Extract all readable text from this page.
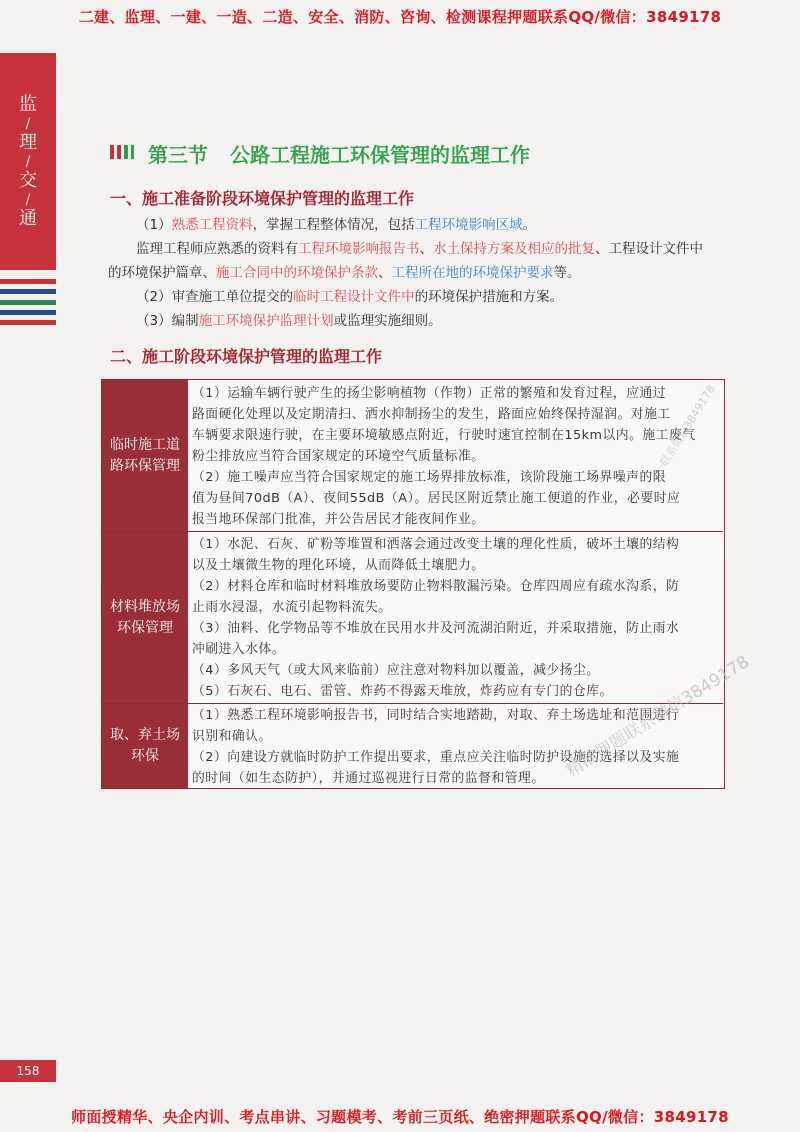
二建、监理、一建、一造、二造、安全、消防、咨询、检测课程押题联系QQ/微信：3849178
监
/
理
/
交
/
通
第三节 公路工程施工环保管理的监理工作
一、施工准备阶段环境保护管理的监理工作
（1）熟悉工程资料，掌握工程整体情况，包括工程环境影响区域。
监理工程师应熟悉的资料有工程环境影响报告书、水土保持方案及相应的批复、工程设计文件中
的环境保护篇章、施工合同中的环境保护条款、工程所在地的环境保护要求等。
（2）审查施工单位提交的临时工程设计文件中的环境保护措施和方案。
（3）编制施工环境保护监理计划或监理实施细则。
二、施工阶段环境保护管理的监理工作
临时施工道路环保管理
（1）运输车辆行驶产生的扬尘影响植物（作物）正常的繁殖和发育过程，应通过
路面硬化处理以及定期清扫、洒水抑制扬尘的发生，路面应始终保持湿润。对施工
车辆要求限速行驶，在主要环境敏感点附近，行驶时速宜控制在15km以内。施工废气
粉尘排放应当符合国家规定的环境空气质量标准。
（2）施工噪声应当符合国家规定的施工场界排放标准，该阶段施工场界噪声的限
值为昼间70dB（A）、夜间55dB（A）。居民区附近禁止施工便道的作业，必要时应
报当地环保部门批准，并公告居民才能夜间作业。
材料堆放场环保管理
（1）水泥、石灰、矿粉等堆置和洒落会通过改变土壤的理化性质，破坏土壤的结构
以及土壤微生物的理化环境，从而降低土壤肥力。
（2）材料仓库和临时材料堆放场要防止物料散漏污染。仓库四周应有疏水沟系，防
止雨水浸湿，水流引起物料流失。
（3）油料、化学物品等不堆放在民用水井及河流湖泊附近，并采取措施，防止雨水
冲刷进入水体。
（4）多风天气（或大风来临前）应注意对物料加以覆盖，减少扬尘。
（5）石灰石、电石、雷管、炸药不得露天堆放，炸药应有专门的仓库。
取、弃土场环保
（1）熟悉工程环境影响报告书，同时结合实地踏勘，对取、弃土场选址和范围进行
识别和确认。
（2）向建设方就临时防护工作提出要求，重点应关注临时防护设施的选择以及实施
的时间（如生态防护），并通过巡视进行日常的监督和管理。
一联系微信3849178
精准押题联系微信3849178
158
师面授精华、央企内训、考点串讲、习题模考、考前三页纸、绝密押题联系QQ/微信：3849178
